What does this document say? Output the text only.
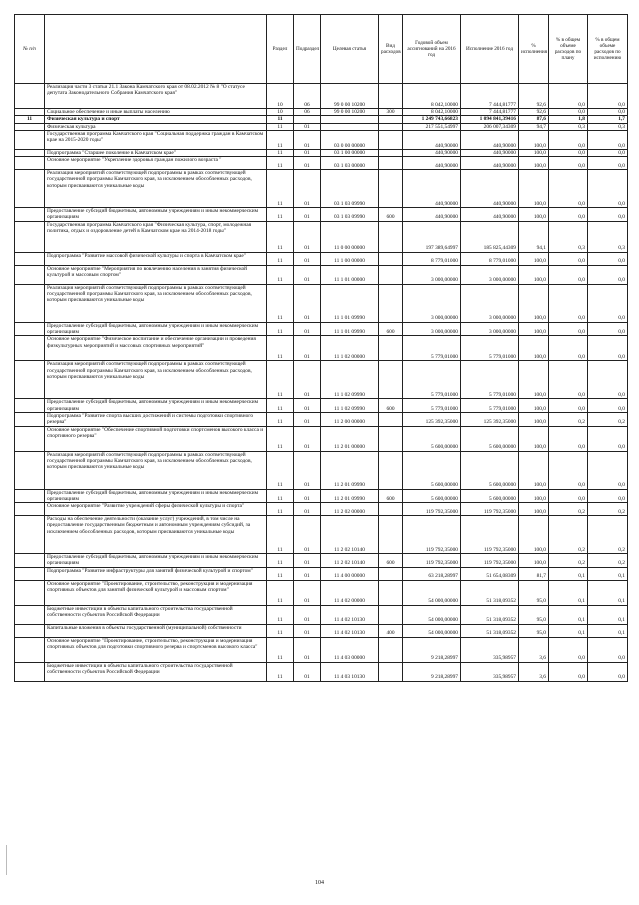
№ п/п		Раздел	Подраздел	Целевая статья	Вид расходов	Годовой объем ассигнований на 2016 год	Исполнение 2016 год	% исполнения	% в общем объеме расходов по плану	% в общем объеме расходов по исполнению
	Реализация части 3 статьи 21.1 Закона Камчатского края от 08.02.2012 № 8 "О статусе депутата Законодательного Собрания Камчатского края"	10	06	99 0 00 10200		8 042,10000	7 444,81777	92,6	0,0	0,0
	Социальное обеспечение и иные выплаты населению	10	06	99 0 00 10200	300	8 042,10000	7 444,81777	92,6	0,0	0,0
11	Физическая культура и спорт	11				1 249 743,66823	1 094 841,39416	87,6	1,8	1,7
	Физическая культура	11	01			217 551,54997	206 007,34309	94,7	0,3	0,3
	Государственная программа Камчатского края "Социальная поддержка граждан в Камчатском крае на 2015-2020 годы"	11	01	03 0 00 00000		440,90000	440,90000	100,0	0,0	0,0
	Подпрограмма "Старшее поколение в Камчатском крае"	11	01	03 1 00 00000		440,90000	440,90000	100,0	0,0	0,0
	Основное мероприятие "Укрепление здоровья граждан пожилого возраста "	11	01	03 1 03 00000		440,90000	440,90000	100,0	0,0	0,0
	Реализация мероприятий соответствующей подпрограммы в рамках соответствующей государственной программы Камчатского края, за исключением обособленных расходов, которым присваиваются уникальные коды	11	01	03 1 03 09990		440,90000	440,90000	100,0	0,0	0,0
	Предоставление субсидий бюджетным, автономным учреждениям и иным некоммерческим организациям	11	01	03 1 03 09990	600	440,90000	440,90000	100,0	0,0	0,0
	Государственная программа Камчатского края "Физическая культура, спорт, молодежная политика, отдых и оздоровление детей в Камчатском крае на 2014-2018 годы"	11	01	11 0 00 00000		197 389,64997	185 825,44309	94,1	0,3	0,3
	Подпрограмма "Развитие массовой физической культуры и спорта в Камчатском крае"	11	01	11 1 00 00000		8 779,01000	8 779,01000	100,0	0,0	0,0
	Основное мероприятие "Мероприятия по вовлечению населения в занятия физической культурой и массовым спортом"	11	01	11 1 01 00000		3 000,00000	3 000,00000	100,0	0,0	0,0
	Реализация мероприятий соответствующей подпрограммы в рамках соответствующей государственной программы Камчатского края, за исключением обособленных расходов, которым присваиваются уникальные коды	11	01	11 1 01 09990		3 000,00000	3 000,00000	100,0	0,0	0,0
	Предоставление субсидий бюджетным, автономным учреждениям и иным некоммерческим организациям	11	01	11 1 01 09990	600	3 000,00000	3 000,00000	100,0	0,0	0,0
	Основное мероприятие "Физическое воспитание и обеспечение организации и проведения физкультурных мероприятий и массовых спортивных мероприятий"	11	01	11 1 02 00000		5 779,01000	5 779,01000	100,0	0,0	0,0
	Реализация мероприятий соответствующей подпрограммы в рамках соответствующей государственной программы Камчатского края, за исключением обособленных расходов, которым присваиваются уникальные коды	11	01	11 1 02 09990		5 779,01000	5 779,01000	100,0	0,0	0,0
	Предоставление субсидий бюджетным, автономным учреждениям и иным некоммерческим организациям	11	01	11 1 02 09990	600	5 779,01000	5 779,01000	100,0	0,0	0,0
	Подпрограмма "Развитие спорта высших достижений и системы подготовки спортивного резерва"	11	01	11 2 00 00000		125 392,35000	125 392,35000	100,0	0,2	0,2
	Основное мероприятие "Обеспечение спортивной подготовки спортсменов высокого класса и спортивного резерва"	11	01	11 2 01 00000		5 600,00000	5 600,00000	100,0	0,0	0,0
	Реализация мероприятий соответствующей подпрограммы в рамках соответствующей государственной программы Камчатского края, за исключением обособленных расходов, которым присваиваются уникальные коды	11	01	11 2 01 09990		5 600,00000	5 600,00000	100,0	0,0	0,0
	Предоставление субсидий бюджетным, автономным учреждениям и иным некоммерческим организациям	11	01	11 2 01 09990	600	5 600,00000	5 600,00000	100,0	0,0	0,0
	Основное мероприятие "Развитие учреждений сферы физической культуры и спорта"	11	01	11 2 02 00000		119 792,35000	119 792,35000	100,0	0,2	0,2
	Расходы на обеспечение деятельности (оказание услуг) учреждений, в том числе на предоставление государственным бюджетным и автономным учреждениям субсидий, за исключением обособленных расходов, которым присваиваются уникальные коды	11	01	11 2 02 10140		119 792,35000	119 792,35000	100,0	0,2	0,2
	Предоставление субсидий бюджетным, автономным учреждениям и иным некоммерческим организациям	11	01	11 2 02 10140	600	119 792,35000	119 792,35000	100,0	0,2	0,2
	Подпрограмма "Развитие инфраструктуры для занятий физической культурой и спортом"	11	01	11 4 00 00000		63 218,28997	51 654,08309	81,7	0,1	0,1
	Основное мероприятие "Проектирование, строительство, реконструкция и модернизация спортивных объектов для занятий физической культурой и массовым спортом"	11	01	11 4 02 00000		54 000,00000	51 318,09352	95,0	0,1	0,1
	Бюджетные инвестиции в объекты капитального строительства государственной собственности субъектов Российской Федерации	11	01	11 4 02 10130		54 000,00000	51 318,09352	95,0	0,1	0,1
	Капитальные вложения в объекты государственной (муниципальной) собственности	11	01	11 4 02 10130	400	54 000,00000	51 318,09352	95,0	0,1	0,1
	Основное мероприятие "Проектирование, строительство, реконструкция и модернизация спортивных объектов для подготовки спортивного резерва и спортсменов высокого класса"	11	01	11 4 03 00000		9 218,28997	335,98957	3,6	0,0	0,0
	Бюджетные инвестиции в объекты капитального строительства государственной собственности субъектов Российской Федерации	11	01	11 4 03 10130		9 218,28997	335,98957	3,6	0,0	0,0
104
